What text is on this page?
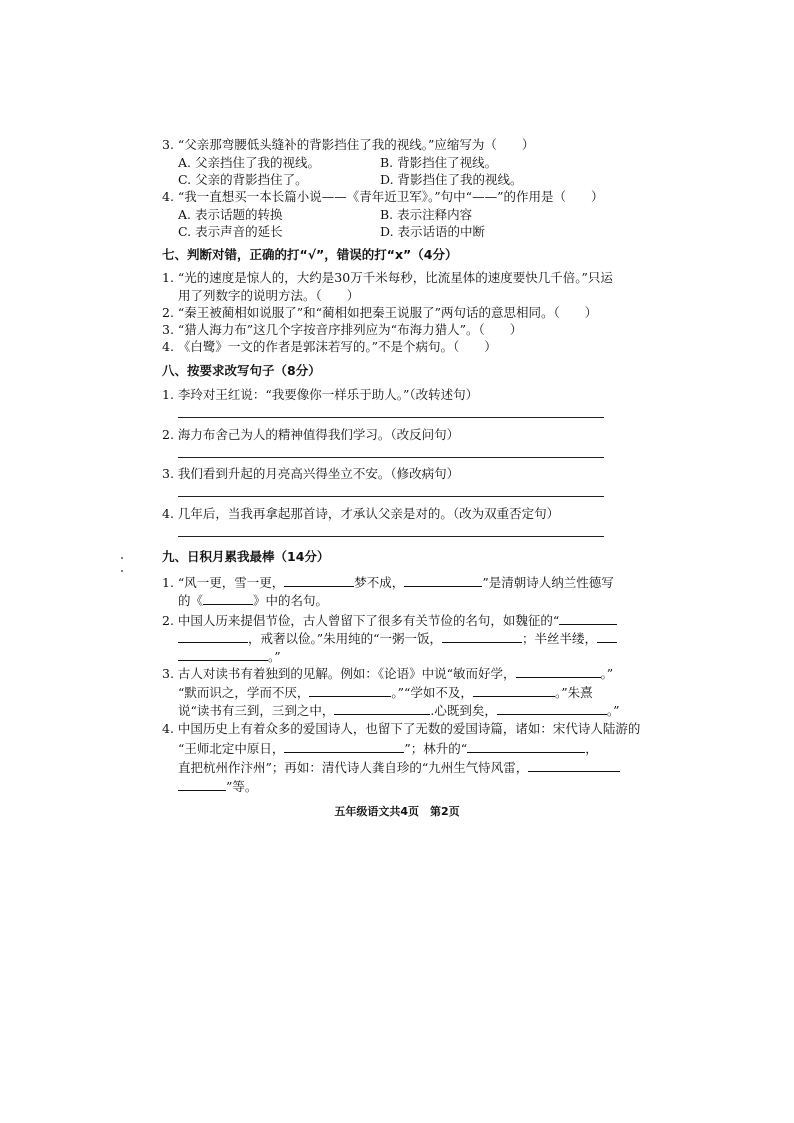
3. “父亲那弯腰低头缝补的背影挡住了我的视线。”应缩写为（　　）
A. 父亲挡住了我的视线。	B. 背影挡住了视线。
C. 父亲的背影挡住了。	D. 背影挡住了我的视线。
4. “我一直想买一本长篇小说——《青年近卫军》。”句中“——”的作用是（　　）
A. 表示话题的转换	B. 表示注释内容
C. 表示声音的延长	D. 表示话语的中断
七、判断对错，正确的打“√”，错误的打“x”（4分）
1. “光的速度是惊人的，大约是30万千米每秒，比流星体的速度要快几千倍。”只运
用了列数字的说明方法。（　　）
2. “秦王被蔺相如说服了”和“蔺相如把秦王说服了”两句话的意思相同。（　　）
3. “猎人海力布”这几个字按音序排列应为“布海力猎人”。（　　）
4. 《白鹭》一文的作者是郭沫若写的。”不是个病句。（　　）
八、按要求改写句子（8分）
1. 李玲对王红说：“我要像你一样乐于助人。”（改转述句）
2. 海力布舍己为人的精神值得我们学习。（改反问句）
3. 我们看到升起的月亮高兴得坐立不安。（修改病句）
4. 几年后，当我再拿起那首诗，才承认父亲是对的。（改为双重否定句）
九、日积月累我最棒（14分）
1. “风一更，雪一更，	梦不成，	”是清朝诗人纳兰性德写
的《	》中的名句。
2. 中国人历来提倡节俭，古人曾留下了很多有关节俭的名句，如魏征的“
，戒奢以俭。”朱用纯的“一粥一饭，	；半丝半缕，
。”
3. 古人对读书有着独到的见解。例如：《论语》中说“敏而好学，	。”
“默而识之，学而不厌，	。”“学如不及，	。”朱熹
说“读书有三到，三到之中，	.心既到矣，	。”
4. 中国历史上有着众多的爱国诗人，也留下了无数的爱国诗篇，诸如：宋代诗人陆游的
“王师北定中原日，	”；林升的“	，
直把杭州作汴州”；再如：清代诗人龚自珍的“九州生气恃风雷，
”等。
五年级语文共4页　第2页
